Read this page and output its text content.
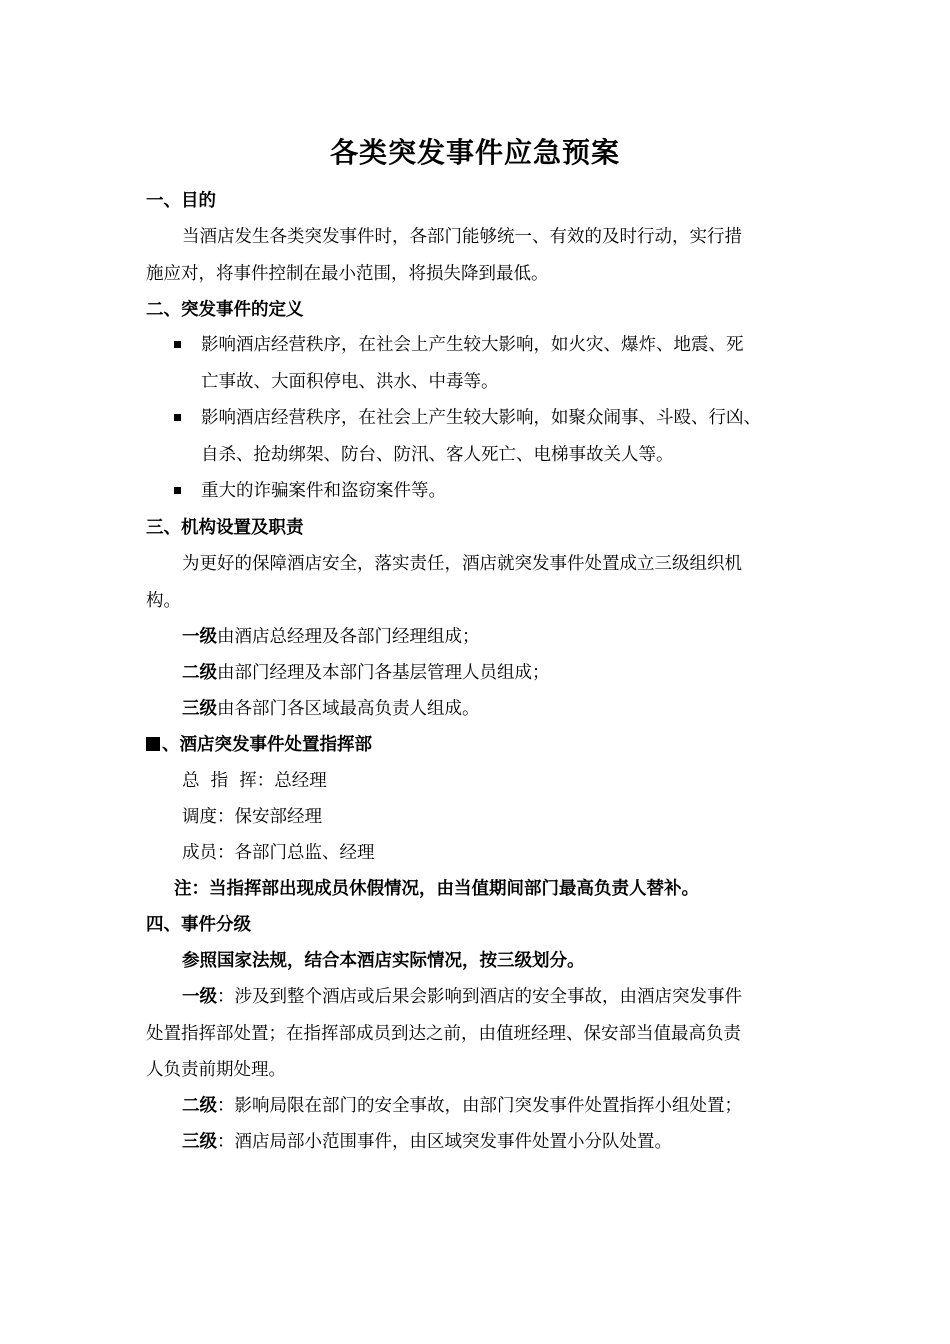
各类突发事件应急预案
一、目的
当酒店发生各类突发事件时，各部门能够统一、有效的及时行动，实行措
施应对，将事件控制在最小范围，将损失降到最低。
二、突发事件的定义
影响酒店经营秩序，在社会上产生较大影响，如火灾、爆炸、地震、死
亡事故、大面积停电、洪水、中毒等。
影响酒店经营秩序，在社会上产生较大影响，如聚众闹事、斗殴、行凶、
自杀、抢劫绑架、防台、防汛、客人死亡、电梯事故关人等。
重大的诈骗案件和盗窃案件等。
三、机构设置及职责
为更好的保障酒店安全，落实责任，酒店就突发事件处置成立三级组织机
构。
一级由酒店总经理及各部门经理组成；
二级由部门经理及本部门各基层管理人员组成；
三级由各部门各区域最高负责人组成。
、酒店突发事件处置指挥部
总  指  挥：总经理
调度：保安部经理
成员：各部门总监、经理
注：当指挥部出现成员休假情况，由当值期间部门最高负责人替补。
四、事件分级
参照国家法规，结合本酒店实际情况，按三级划分。
一级：涉及到整个酒店或后果会影响到酒店的安全事故，由酒店突发事件
处置指挥部处置；在指挥部成员到达之前，由值班经理、保安部当值最高负责
人负责前期处理。
二级：影响局限在部门的安全事故，由部门突发事件处置指挥小组处置；
三级：酒店局部小范围事件，由区域突发事件处置小分队处置。
